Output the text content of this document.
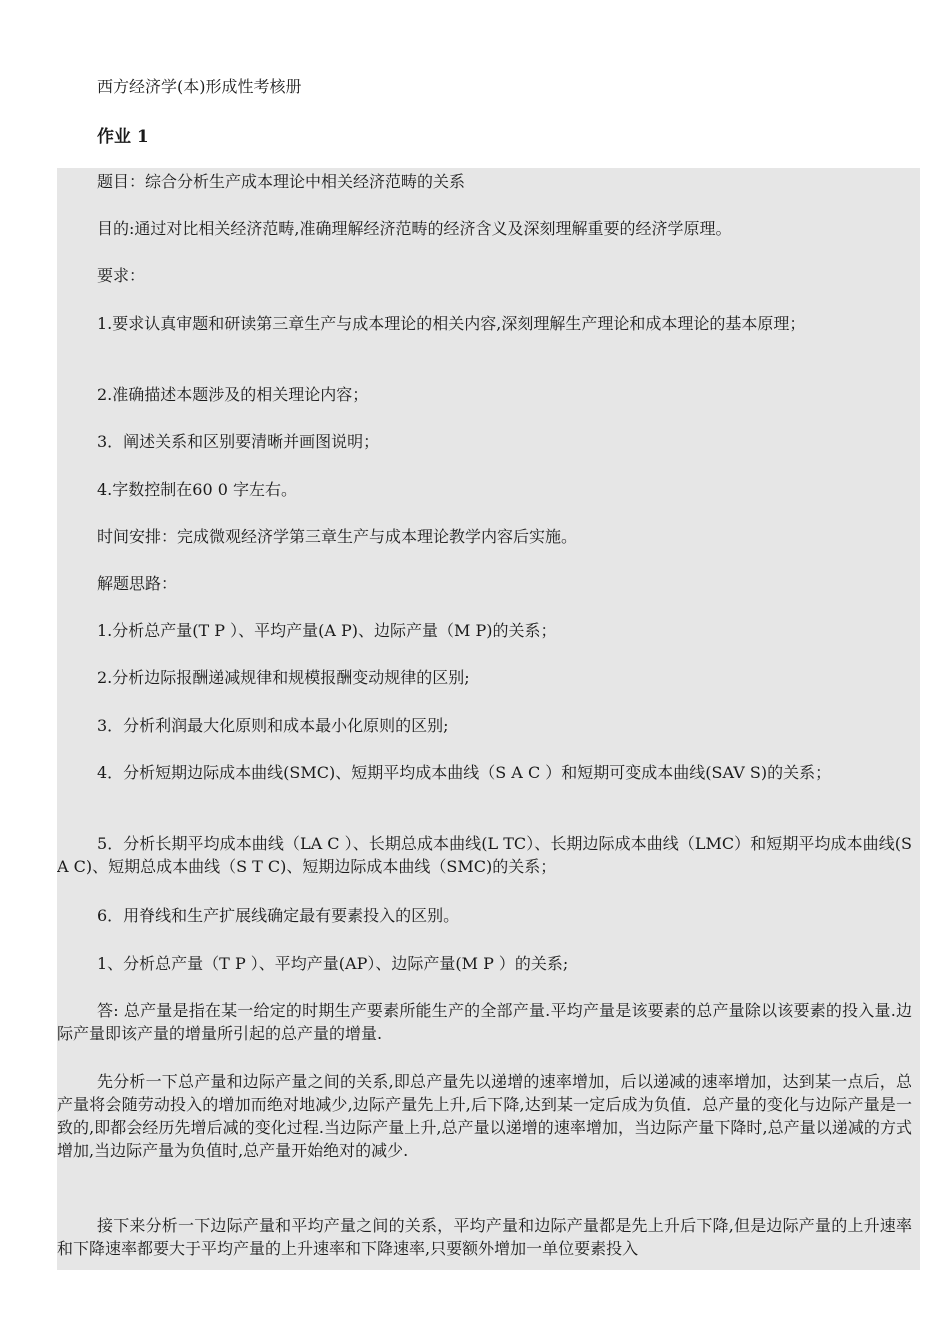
西方经济学(本)形成性考核册
作业 1

题目：综合分析生产成本理论中相关经济范畴的关系

目的:通过对比相关经济范畴,准确理解经济范畴的经济含义及深刻理解重要的经济学原理。

要求：

1.要求认真审题和研读第三章生产与成本理论的相关内容,深刻理解生产理论和成本理论的基本原理；

2.准确描述本题涉及的相关理论内容；

3．阐述关系和区别要清晰并画图说明；

4.字数控制在60 0 字左右。

时间安排：完成微观经济学第三章生产与成本理论教学内容后实施。

解题思路：

1.分析总产量(T P ）、平均产量(A P)、边际产量（M P)的关系；

2.分析边际报酬递减规律和规模报酬变动规律的区别;

3．分析利润最大化原则和成本最小化原则的区别;

4．分析短期边际成本曲线(SMC)、短期平均成本曲线（S A C ）和短期可变成本曲线(SAV S)的关系；

5．分析长期平均成本曲线（LA C ）、长期总成本曲线(L TC）、长期边际成本曲线（LMC）和短期平均成本曲线(SA C)、短期总成本曲线（S T C)、短期边际成本曲线（SMC)的关系；

6．用脊线和生产扩展线确定最有要素投入的区别。

1、分析总产量（T P ）、平均产量(AP）、边际产量(M P ）的关系;

答: 总产量是指在某一给定的时期生产要素所能生产的全部产量.平均产量是该要素的总产量除以该要素的投入量.边际产量即该产量的增量所引起的总产量的增量.

先分析一下总产量和边际产量之间的关系,即总产量先以递增的速率增加，后以递减的速率增加，达到某一点后，总产量将会随劳动投入的增加而绝对地减少,边际产量先上升,后下降,达到某一定后成为负值．总产量的变化与边际产量是一致的,即都会经历先增后减的变化过程.当边际产量上升,总产量以递增的速率增加，当边际产量下降时,总产量以递减的方式增加,当边际产量为负值时,总产量开始绝对的减少.

接下来分析一下边际产量和平均产量之间的关系，平均产量和边际产量都是先上升后下降,但是边际产量的上升速率和下降速率都要大于平均产量的上升速率和下降速率,只要额外增加一单位要素投入
